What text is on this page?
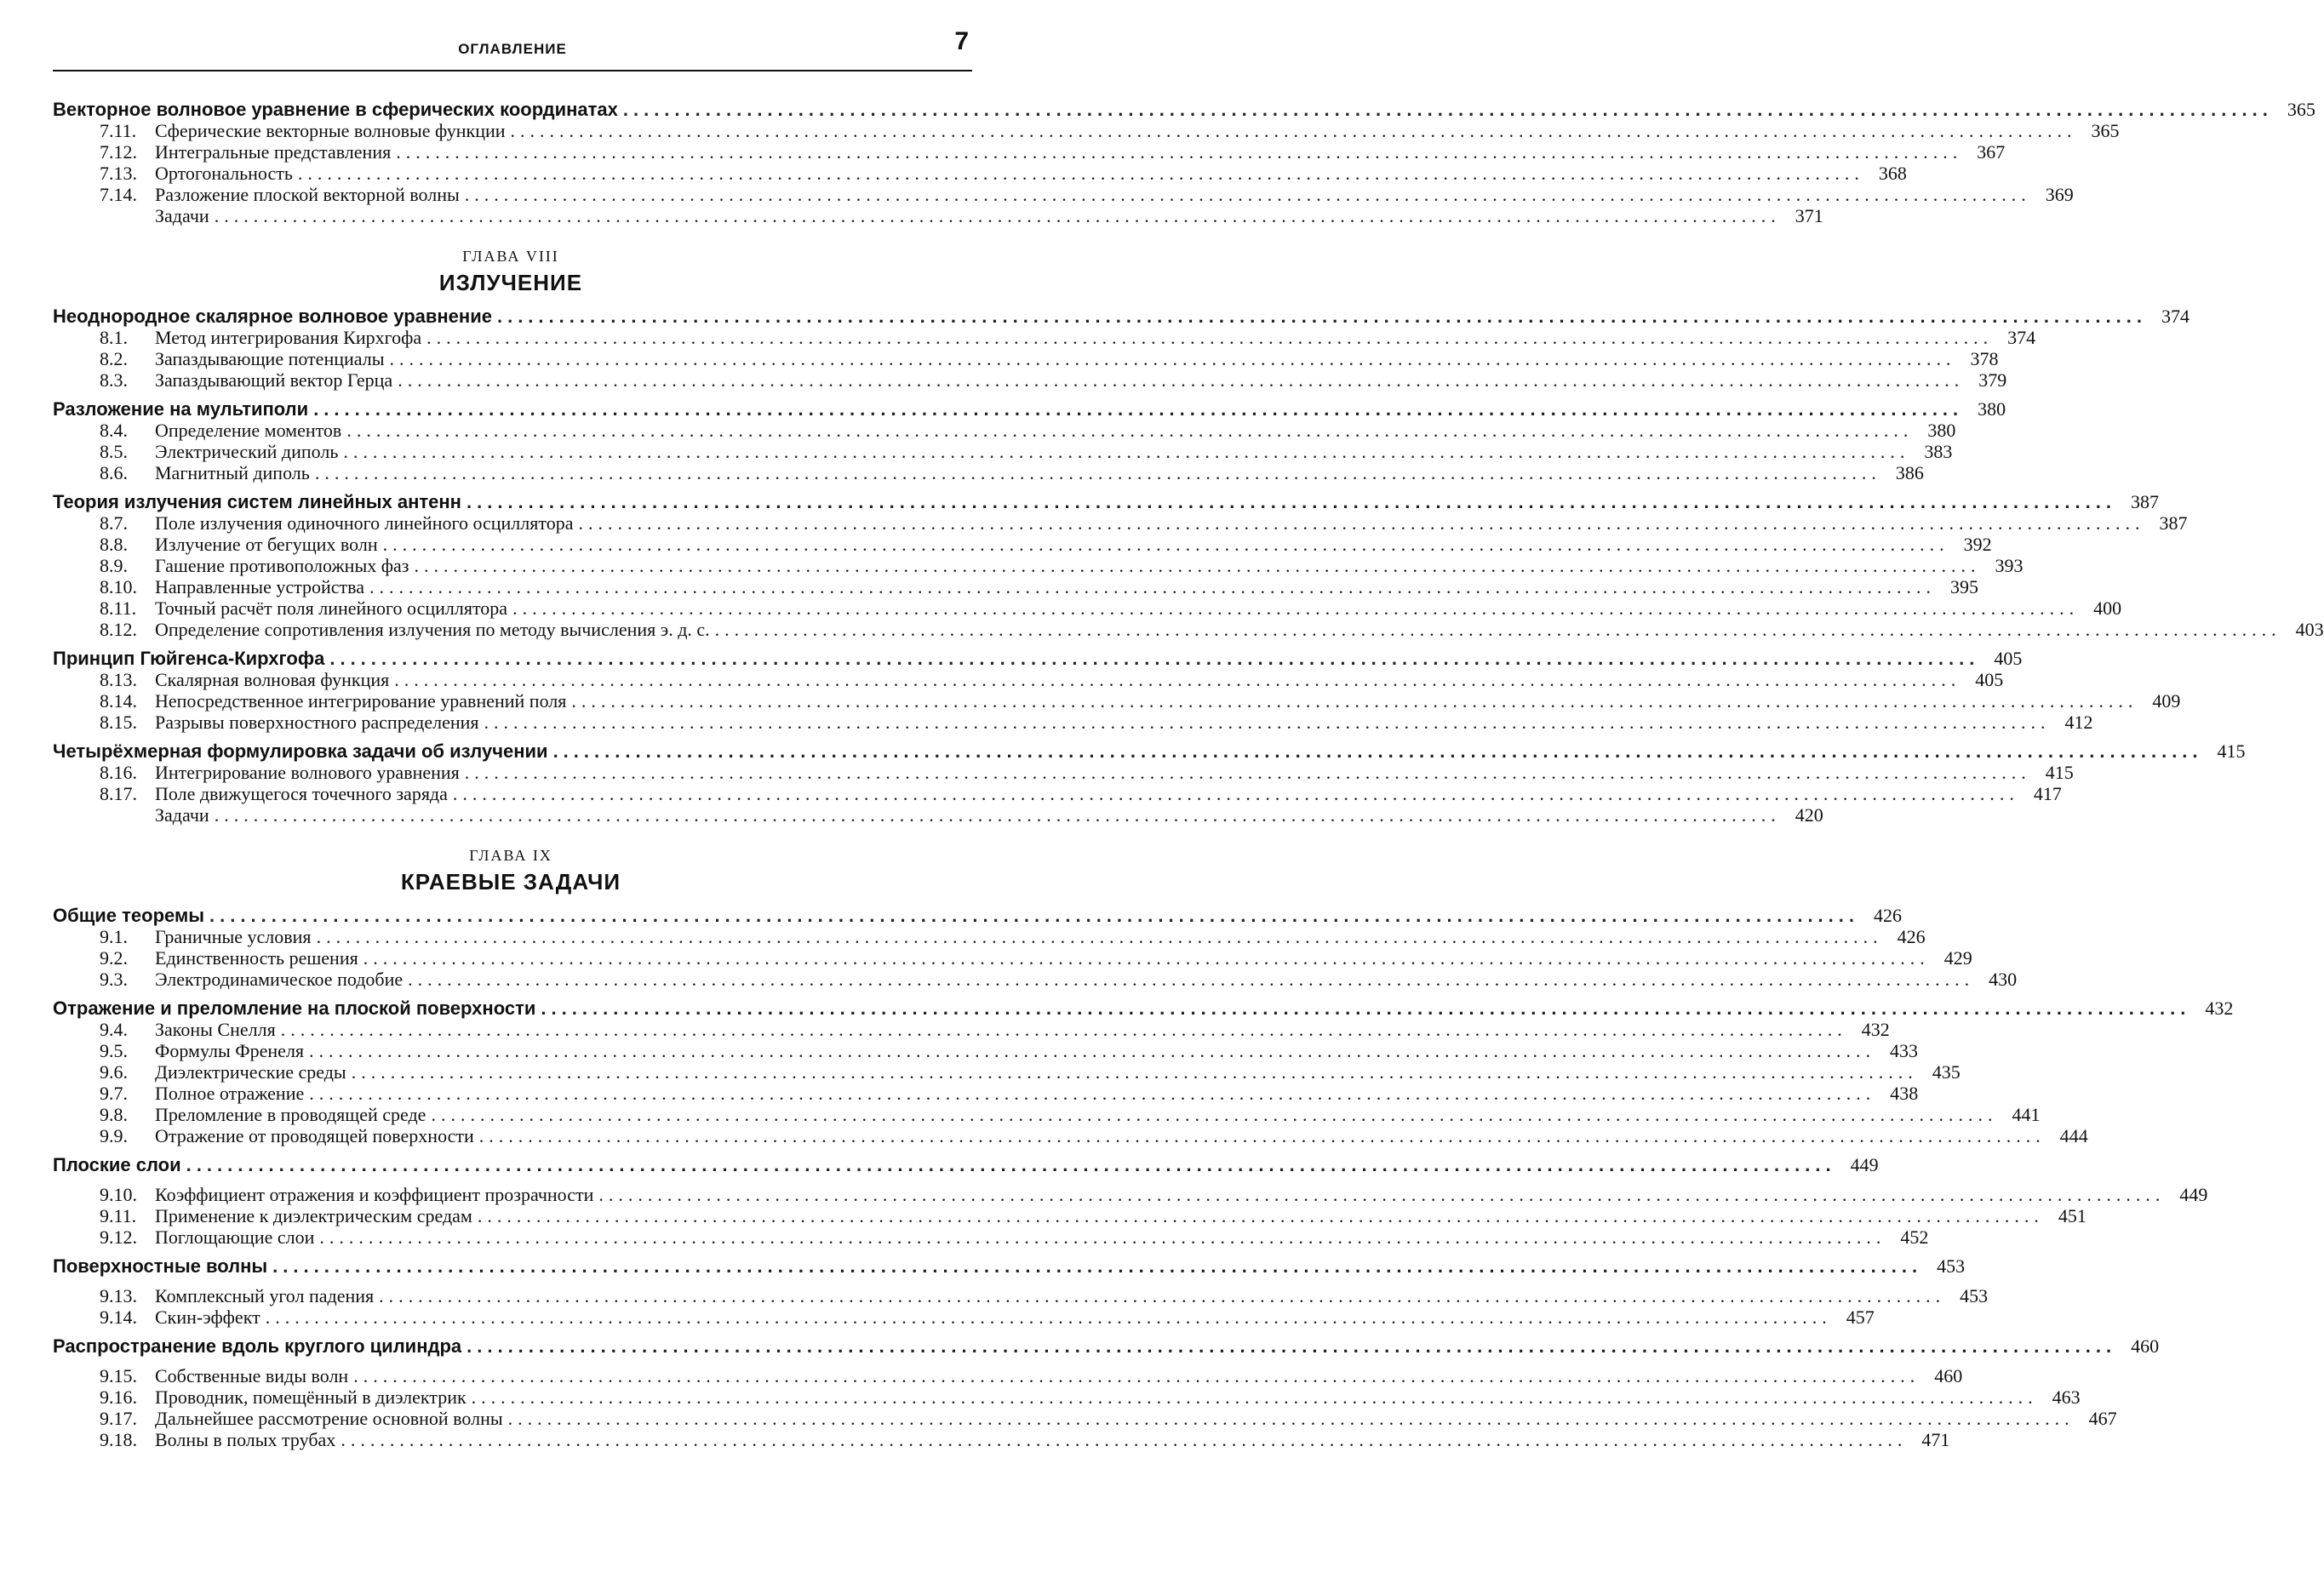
ОГЛАВЛЕНИЕ	7
Векторное волновое уравнение в сферических координатах ................................................................................................................................................................ 365
7.11. Сферические векторные волновые функции ................................................................................................................................................................ 365
7.12. Интегральные представления ................................................................................................................................................................ 367
7.13. Ортогональность ................................................................................................................................................................ 368
7.14. Разложение плоской векторной волны ................................................................................................................................................................ 369
Задачи ................................................................................................................................................................ 371
ГЛАВА VIII
ИЗЛУЧЕНИЕ
Неоднородное скалярное волновое уравнение ................................................................................................................................................................ 374
8.1.	Метод интегрирования Кирхгофа ................................................................................................................................................................ 374
8.2.	Запаздывающие потенциалы ................................................................................................................................................................ 378
8.3.	Запаздывающий вектор Герца ................................................................................................................................................................ 379
Разложение на мультиполи ................................................................................................................................................................ 380
8.4.	Определение моментов ................................................................................................................................................................ 380
8.5.	Электрический диполь ................................................................................................................................................................ 383
8.6.	Магнитный диполь ................................................................................................................................................................ 386
Теория излучения систем линейных антенн ................................................................................................................................................................ 387
8.7.	Поле излучения одиночного линейного осциллятора ................................................................................................................................................................ 387
8.8.	Излучение от бегущих волн ................................................................................................................................................................ 392
8.9.	Гашение противоположных фаз ................................................................................................................................................................ 393
8.10. Направленные устройства ................................................................................................................................................................ 395
8.11. Точный расчёт поля линейного осциллятора ................................................................................................................................................................ 400
8.12. Определение сопротивления излучения по методу вычисления э. д. с. ................................................................................................................................................................ 403
Принцип Гюйгенса-Кирхгофа ................................................................................................................................................................ 405
8.13. Скалярная волновая функция ................................................................................................................................................................ 405
8.14. Непосредственное интегрирование уравнений поля ................................................................................................................................................................ 409
8.15. Разрывы поверхностного распределения ................................................................................................................................................................ 412
Четырёхмерная формулировка задачи об излучении ................................................................................................................................................................ 415
8.16. Интегрирование волнового уравнения ................................................................................................................................................................ 415
8.17. Поле движущегося точечного заряда ................................................................................................................................................................ 417
Задачи ................................................................................................................................................................ 420
ГЛАВА IX
КРАЕВЫЕ ЗАДАЧИ
Общие теоремы ................................................................................................................................................................ 426
9.1.	Граничные условия ................................................................................................................................................................ 426
9.2.	Единственность решения ................................................................................................................................................................ 429
9.3.	Электродинамическое подобие ................................................................................................................................................................ 430
Отражение и преломление на плоской поверхности ................................................................................................................................................................ 432
9.4.	Законы Снелля ................................................................................................................................................................ 432
9.5.	Формулы Френеля ................................................................................................................................................................ 433
9.6.	Диэлектрические среды ................................................................................................................................................................ 435
9.7.	Полное отражение ................................................................................................................................................................ 438
9.8.	Преломление в проводящей среде ................................................................................................................................................................ 441
9.9.	Отражение от проводящей поверхности ................................................................................................................................................................ 444
Плоские слои ................................................................................................................................................................ 449
9.10. Коэффициент отражения и коэффициент прозрачности ................................................................................................................................................................ 449
9.11. Применение к диэлектрическим средам ................................................................................................................................................................ 451
9.12. Поглощающие слои ................................................................................................................................................................ 452
Поверхностные волны ................................................................................................................................................................ 453
9.13. Комплексный угол падения ................................................................................................................................................................ 453
9.14. Скин-эффект ................................................................................................................................................................ 457
Распространение вдоль круглого цилиндра ................................................................................................................................................................ 460
9.15. Собственные виды волн ................................................................................................................................................................ 460
9.16. Проводник, помещённый в диэлектрик ................................................................................................................................................................ 463
9.17. Дальнейшее рассмотрение основной волны ................................................................................................................................................................ 467
9.18. Волны в полых трубах ................................................................................................................................................................ 471
